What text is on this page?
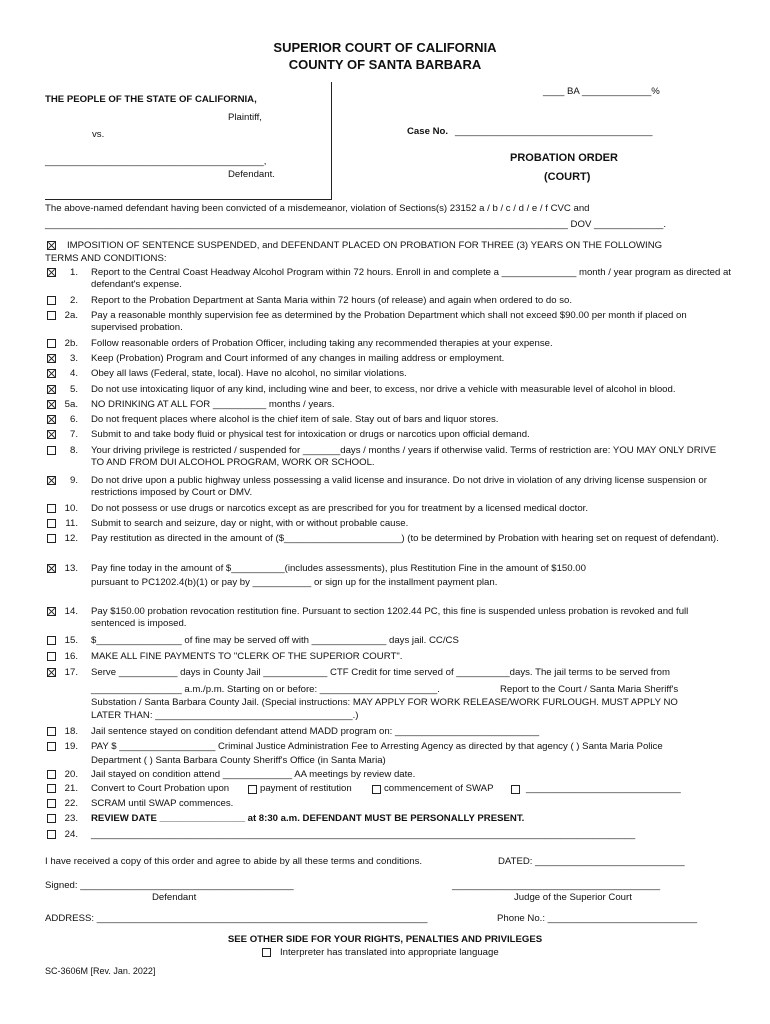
SUPERIOR COURT OF CALIFORNIA
COUNTY OF SANTA BARBARA
____ BA _____________%
THE PEOPLE OF THE STATE OF CALIFORNIA,
Plaintiff,
vs.
_________________________________________,
Defendant.
Case No. _____________________________________
PROBATION ORDER
(COURT)
The above-named defendant having been convicted of a misdemeanor, violation of Sections(s) 23152 a / b / c / d / e / f CVC and
__________________________________________________________________________________________________ DOV _____________.
IMPOSITION OF SENTENCE SUSPENDED, and DEFENDANT PLACED ON PROBATION FOR THREE (3) YEARS ON THE FOLLOWING
TERMS AND CONDITIONS:
1. Report to the Central Coast Headway Alcohol Program within 72 hours. Enroll in and complete a ______________ month / year program as directed at defendant's expense.
2. Report to the Probation Department at Santa Maria within 72 hours (of release) and again when ordered to do so.
2a. Pay a reasonable monthly supervision fee as determined by the Probation Department which shall not exceed $90.00 per month if placed on supervised probation.
2b. Follow reasonable orders of Probation Officer, including taking any recommended therapies at your expense.
3. Keep (Probation) Program and Court informed of any changes in mailing address or employment.
4. Obey all laws (Federal, state, local). Have no alcohol, no similar violations.
5. Do not use intoxicating liquor of any kind, including wine and beer, to excess, nor drive a vehicle with measurable level of alcohol in blood.
5a. NO DRINKING AT ALL FOR __________ months / years.
6. Do not frequent places where alcohol is the chief item of sale. Stay out of bars and liquor stores.
7. Submit to and take body fluid or physical test for intoxication or drugs or narcotics upon official demand.
8. Your driving privilege is restricted / suspended for _______days / months / years if otherwise valid. Terms of restriction are: YOU MAY ONLY DRIVE TO AND FROM DUI ALCOHOL PROGRAM, WORK OR SCHOOL.
9. Do not drive upon a public highway unless possessing a valid license and insurance. Do not drive in violation of any driving license suspension or restrictions imposed by Court or DMV.
10. Do not possess or use drugs or narcotics except as are prescribed for you for treatment by a licensed medical doctor.
11. Submit to search and seizure, day or night, with or without probable cause.
12. Pay restitution as directed in the amount of ($______________________) (to be determined by Probation with hearing set on request of defendant).
13. Pay fine today in the amount of $__________(includes assessments), plus Restitution Fine in the amount of $150.00
14. Pay $150.00 probation revocation restitution fine. Pursuant to section 1202.44 PC, this fine is suspended unless probation is revoked and full sentenced is imposed.
15. $________________ of fine may be served off with ______________ days jail. CC/CS
16. MAKE ALL FINE PAYMENTS TO "CLERK OF THE SUPERIOR COURT".
17. Serve ___________ days in County Jail ____________ CTF Credit for time served of __________days. The jail terms to be served from
18. Jail sentence stayed on condition defendant attend MADD program on: ___________________________
19. PAY $ __________________ Criminal Justice Administration Fee to Arresting Agency as directed by that agency ( ) Santa Maria Police
20. Jail stayed on condition attend _____________ AA meetings by review date.
21. Convert to Court Probation upon
22. SCRAM until SWAP commences.
23. REVIEW DATE ________________ at 8:30 a.m. DEFENDANT MUST BE PERSONALLY PRESENT.
24. ______________________________________________________________________________________________________
pursuant to PC1202.4(b)(1) or pay by ___________ or sign up for the installment payment plan.
_________________ a.m./p.m. Starting on or before: ______________________.	Report to the Court / Santa Maria Sheriff's
Substation / Santa Barbara County Jail. (Special instructions: MAY APPLY FOR WORK RELEASE/WORK FURLOUGH. MUST APPLY NO
LATER THAN: _____________________________________.)
Department ( ) Santa Barbara County Sheriff's Office (in Santa Maria)
payment of restitution	commencement of SWAP	_____________________________
I have received a copy of this order and agree to abide by all these terms and conditions.	DATED: ____________________________
Signed: ________________________________________
Defendant
_______________________________________
Judge of the Superior Court
ADDRESS: ______________________________________________________________	Phone No.: ____________________________
SEE OTHER SIDE FOR YOUR RIGHTS, PENALTIES AND PRIVILEGES
Interpreter has translated into appropriate language
SC-3606M [Rev. Jan. 2022]
